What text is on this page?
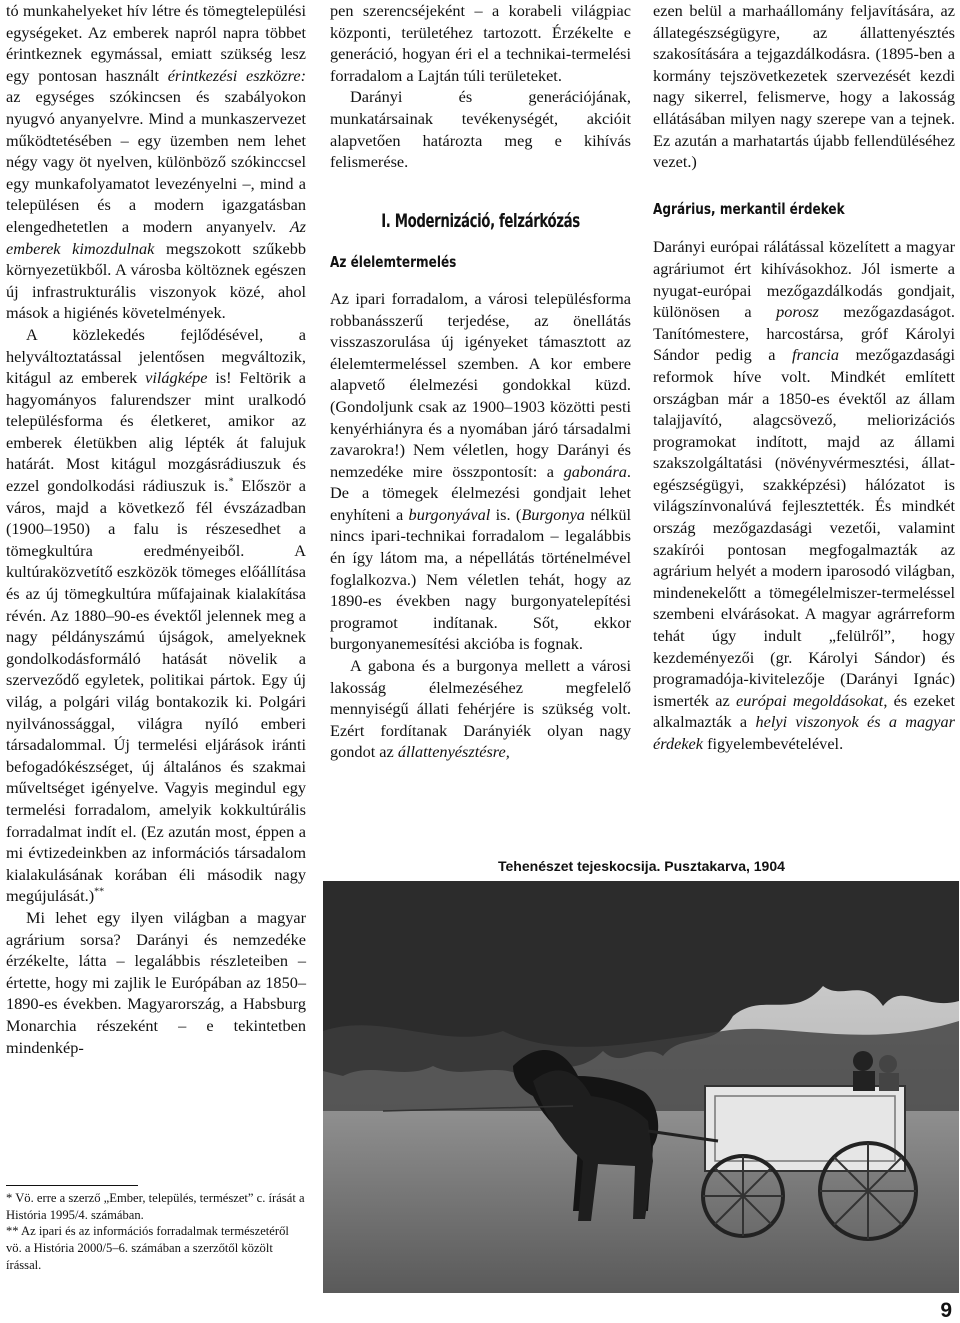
tó munkahelyeket hív létre és tömegtelepülési egységeket. Az emberek napról napra többet érintkeznek egymással, emiatt szükség lesz egy pontosan használt érintkezési eszközre: az egységes szókincsen és szabályokon nyugvó anyanyelvre. Mind a munkaszervezet működtetésében – egy üzemben nem lehet négy vagy öt nyelven, különböző szókinccsel egy munkafolyamatot levezényelni –, mind a településen és a modern igazgatásban elengedhetetlen a modern anyanyelv. Az emberek kimozdulnak megszokott szűkebb környezetükből. A városba költöznek egészen új infrastrukturális viszonyok közé, ahol mások a higiénés követelmények.

A közlekedés fejlődésével, a helyváltoztatással jelentősen megváltozik, kitágul az emberek világképe is! Feltörik a hagyományos falurendszer mint uralkodó településforma és életkeret, amikor az emberek életükben alig lépték át falujuk határát. Most kitágul mozgásrádiuszuk és ezzel gondolkodási rádiuszuk is.* Először a város, majd a következő fél évszázadban (1900–1950) a falu is részesedhet a tömegkultúra eredményeiből. A kultúraközvetítő eszközök tömeges előállítása és az új tömegkultúra műfajainak kialakítása révén. Az 1880–90-es évektől jelennek meg a nagy példányszámú újságok, amelyeknek gondolkodásformáló hatását növelik a szerveződő egyletek, politikai pártok. Egy új világ, a polgári világ bontakozik ki. Polgári nyilvánossággal, világra nyíló emberi társadalommal. Új termelési eljárások iránti befogadókészséget, új általános és szakmai műveltséget igényelve. Vagyis megindul egy termelési forradalom, amelyik kokkultúrális forradalmat indít el. (Ez azután most, éppen a mi évtizedeinkben az információs társadalom kialakulásának korában éli második nagy megújulását.)**

Mi lehet egy ilyen világban a magyar agrárium sorsa? Darányi és nemzedéke érzékelte, látta – legalábbis részleteiben – értette, hogy mi zajlik le Európában az 1850–1890-es években. Magyarország, a Habsburg Monarchia részeként – e tekintetben mindenkép-

* Vö. erre a szerző „Ember, település, természet” c. írását a História 1995/4. számában.

** Az ipari és az információs forradalmak természetéről vö. a História 2000/5–6. számában a szerzőtől közölt írással.

pen szerencséjeként – a korabeli világpiac központi, területéhez tartozott. Érzékelte e generáció, hogyan éri el a technikai-termelési forradalom a Lajtán túli területeket.

Darányi és generációjának, munkatársainak tevékenységét, akcióit alapvetően határozta meg e kihívás felismerése.

I. Modernizáció, felzárkózás
Az élelemtermelés

Az ipari forradalom, a városi településforma robbanásszerű terjedése, az önellátás visszaszorulása új igényeket támasztott az élelemtermeléssel szemben. A kor embere alapvető élelmezési gondokkal küzd. (Gondoljunk csak az 1900–1903 közötti pesti kenyérhiányra és a nyomában járó társadalmi zavarokra!) Nem véletlen, hogy Darányi és nemzedéke mire összpontosít: a gabonára. De a tömegek élelmezési gondjait lehet enyhíteni a burgonyával is. (Burgonya nélkül nincs ipari-technikai forradalom – legalábbis én így látom ma, a népellátás történelmével foglalkozva.) Nem véletlen tehát, hogy az 1890-es években nagy burgonyatelepítési programot indítanak. Sőt, ekkor burgonyanemesítési akcióba is fognak.

A gabona és a burgonya mellett a városi lakosság élelmezéséhez megfelelő mennyiségű állati fehérjére is szükség volt. Ezért fordítanak Darányiék olyan nagy gondot az állattenyésztésre,

ezen belül a marhaállomány feljavítására, az állategészségügyre, az állattenyésztés szakosítására a tejgazdálkodásra. (1895-ben a kormány tejszövetkezetek szervezését kezdi nagy sikerrel, felismerve, hogy a lakosság ellátásában milyen nagy szerepe van a tejnek. Ez azután a marhatartás újabb fellendüléséhez vezet.)

Agrárius, merkantil érdekek

Darányi európai rálátással közelített a magyar agráriumot ért kihívásokhoz. Jól ismerte a nyugat-európai mezőgazdálkodás gondjait, különösen a porosz mezőgazdaságot. Tanítómestere, harcostársa, gróf Károlyi Sándor pedig a francia mezőgazdasági reformok híve volt. Mindkét említett országban már a 1850-es évektől az állam talajjavító, alagcsövező, meliorizációs programokat indított, majd az állami szakszolgáltatási (növényvérmesztési, állat-egészségügyi, szakképzési) hálózatot is világszínvonalúvá fejlesztették. És mindkét ország mezőgazdasági vezetői, valamint szakírói pontosan megfogalmazták az agrárium helyét a modern iparosodó világban, mindenekelőtt a tömegélelmiszer-termeléssel szembeni elvárásokat. A magyar agrárreform tehát úgy indult „felülről”, hogy kezdeményezői (gr. Károlyi Sándor) és programadója-kivitelezője (Darányi Ignác) ismerték az európai megoldásokat, és ezeket alkalmazták a helyi viszonyok és a magyar érdekek figyelembevételével.

Tehenészet tejeskocsija. Pusztakarva, 1904
9
